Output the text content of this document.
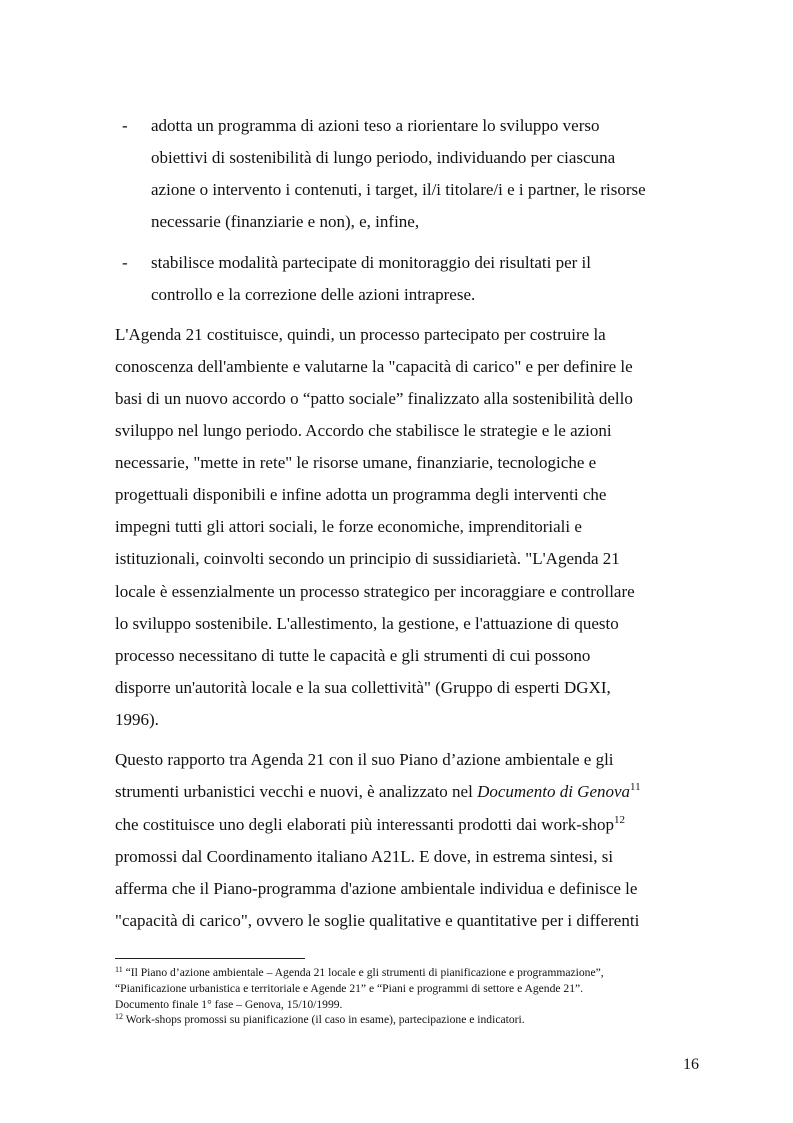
- adotta un programma di azioni teso a riorientare lo sviluppo verso
obiettivi di sostenibilità di lungo periodo, individuando per ciascuna
azione o intervento i contenuti, i target, il/i titolare/i e i partner, le risorse
necessarie (finanziarie e non), e, infine,
- stabilisce modalità partecipate di monitoraggio dei risultati per il
controllo e la correzione delle azioni intraprese.
L'Agenda 21 costituisce, quindi, un processo partecipato per costruire la
conoscenza dell'ambiente e valutarne la "capacità di carico" e per definire le
basi di un nuovo accordo o “patto sociale” finalizzato alla sostenibilità dello
sviluppo nel lungo periodo. Accordo che stabilisce le strategie e le azioni
necessarie, "mette in rete" le risorse umane, finanziarie, tecnologiche e
progettuali disponibili e infine adotta un programma degli interventi che
impegni tutti gli attori sociali, le forze economiche, imprenditoriali e
istituzionali, coinvolti secondo un principio di sussidiarietà. "L'Agenda 21
locale è essenzialmente un processo strategico per incoraggiare e controllare
lo sviluppo sostenibile. L'allestimento, la gestione, e l'attuazione di questo
processo necessitano di tutte le capacità e gli strumenti di cui possono
disporre un'autorità locale e la sua collettività" (Gruppo di esperti DGXI,
1996).
Questo rapporto tra Agenda 21 con il suo Piano d’azione ambientale e gli
strumenti urbanistici vecchi e nuovi, è analizzato nel Documento di Genova$^{11}$
che costituisce uno degli elaborati più interessanti prodotti dai work-shop$^{12}$
promossi dal Coordinamento italiano A21L. E dove, in estrema sintesi, si
afferma che il Piano-programma d'azione ambientale individua e definisce le
"capacità di carico", ovvero le soglie qualitative e quantitative per i differenti
$^{11}$ “Il Piano d’azione ambientale – Agenda 21 locale e gli strumenti di pianificazione e programmazione”,
“Pianificazione urbanistica e territoriale e Agende 21” e “Piani e programmi di settore e Agende 21”.
Documento finale 1° fase – Genova, 15/10/1999.
$^{12}$ Work-shops promossi su pianificazione (il caso in esame), partecipazione e indicatori.
16
